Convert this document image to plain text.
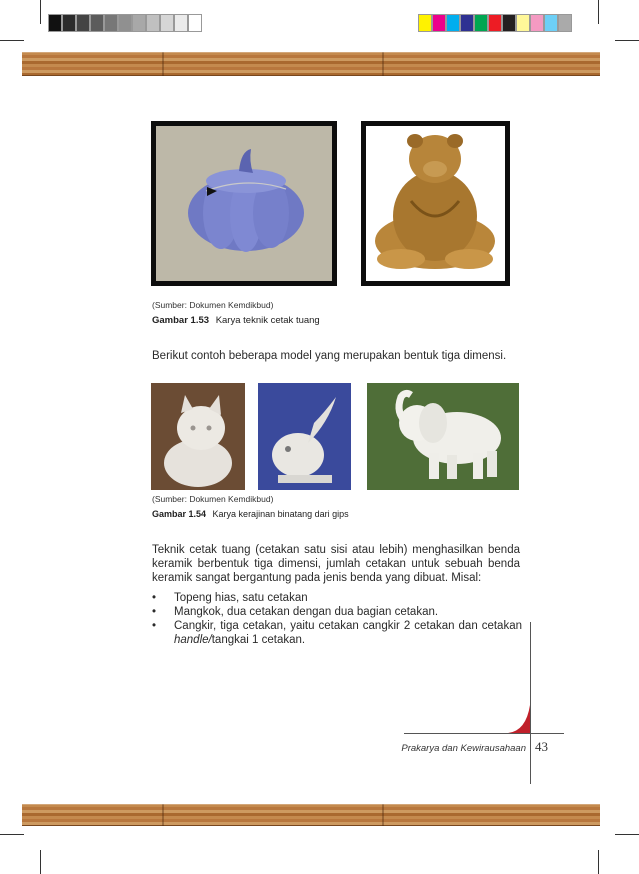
(Sumber: Dokumen Kemdikbud)
Gambar 1.53 Karya teknik cetak tuang
Berikut contoh beberapa model yang merupakan bentuk tiga dimensi.
(Sumber: Dokumen Kemdikbud)
Gambar 1.54 Karya kerajinan binatang dari gips
Teknik cetak tuang (cetakan satu sisi atau lebih) menghasilkan benda keramik berbentuk tiga dimensi, jumlah cetakan untuk sebuah benda keramik sangat bergantung pada jenis benda yang dibuat. Misal:
• Topeng hias, satu cetakan
• Mangkok, dua cetakan dengan dua bagian cetakan.
• Cangkir, tiga cetakan, yaitu cetakan cangkir 2 cetakan dan cetakan handle/tangkai 1 cetakan.
Prakarya dan Kewirausahaan 43
